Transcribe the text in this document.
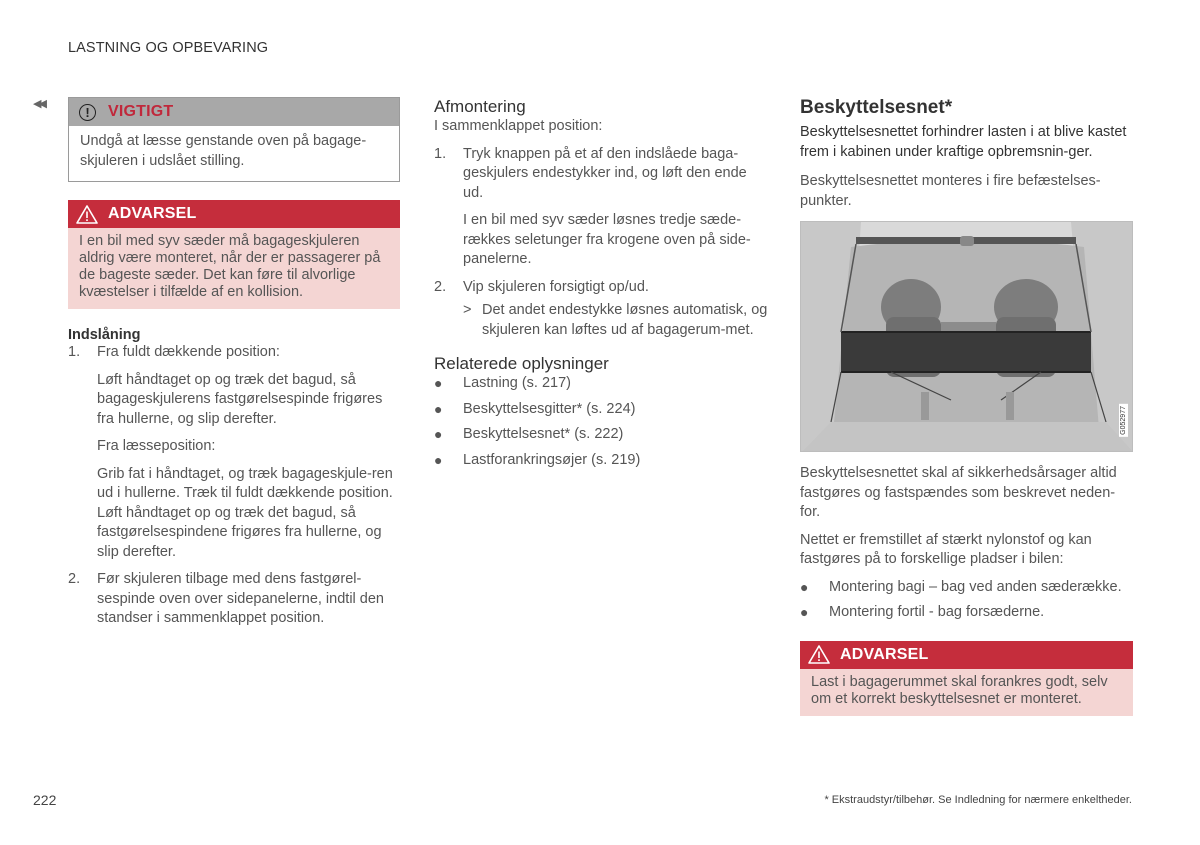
LASTNING OG OPBEVARING
◀◀
!	VIGTIGT
Undgå at læsse genstande oven på bagage-skjuleren i udslået stilling.
ADVARSEL
I en bil med syv sæder må bagageskjuleren aldrig være monteret, når der er passagerer på de bageste sæder. Det kan føre til alvorlige kvæstelser i tilfælde af en kollision.
Indslåning
1.	Fra fuldt dækkende position:

Løft håndtaget op og træk det bagud, så bagageskjulerens fastgørelsespinde frigøres fra hullerne, og slip derefter.

Fra læsseposition:

Grib fat i håndtaget, og træk bagageskjule-ren ud i hullerne. Træk til fuldt dækkende position. Løft håndtaget op og træk det bagud, så fastgørelsespindene frigøres fra hullerne, og slip derefter.

2.	Før skjuleren tilbage med dens fastgørel-sespinde oven over sidepanelerne, indtil den standser i sammenklappet position.
Afmontering

I sammenklappet position:

1.	Tryk knappen på et af den indslåede baga-geskjulers endestykker ind, og løft den ende ud.

I en bil med syv sæder løsnes tredje sæde-rækkes seletunger fra krogene oven på side-panelerne.

2.	Vip skjuleren forsigtigt op/ud.
> Det andet endestykke løsnes automatisk, og skjuleren kan løftes ud af bagagerum-met.
Relaterede oplysninger
●	Lastning (s. 217)
●	Beskyttelsesgitter* (s. 224)
●	Beskyttelsesnet* (s. 222)
●	Lastforankringsøjer (s. 219)
Beskyttelsesnet*

Beskyttelsesnettet forhindrer lasten i at blive kastet frem i kabinen under kraftige opbremsnin-ger.

Beskyttelsesnettet monteres i fire befæstelses-punkter.

G052977

Beskyttelsesnettet skal af sikkerhedsårsager altid fastgøres og fastspændes som beskrevet neden-for.

Nettet er fremstillet af stærkt nylonstof og kan fastgøres på to forskellige pladser i bilen:

●	Montering bagi – bag ved anden sæderække.
●	Montering fortil - bag forsæderne.
ADVARSEL
Last i bagagerummet skal forankres godt, selv om et korrekt beskyttelsesnet er monteret.
222	* Ekstraudstyr/tilbehør. Se Indledning for nærmere enkeltheder.
